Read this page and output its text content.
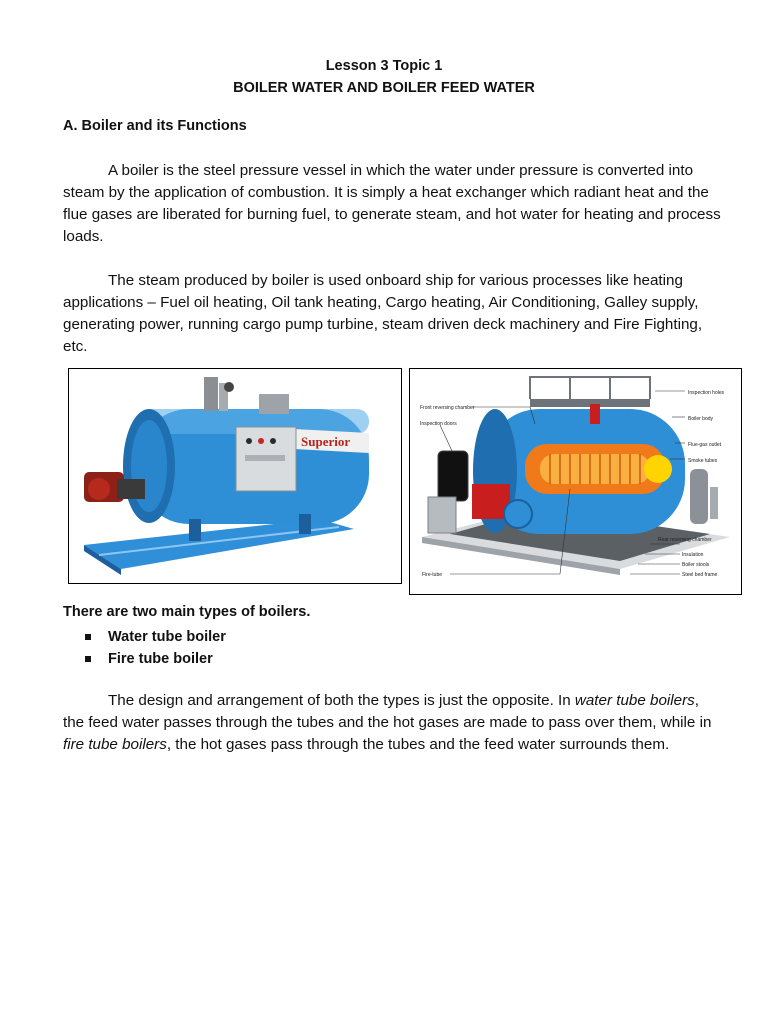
Lesson 3 Topic 1
BOILER WATER AND BOILER FEED WATER
A. Boiler and its Functions

A boiler is the steel pressure vessel in which the water under pressure is converted into steam by the application of combustion. It is simply a heat exchanger which radiant heat and the flue gases are liberated for burning fuel, to generate steam, and hot water for heating and process loads.

The steam produced by boiler is used onboard ship for various processes like heating applications – Fuel oil heating, Oil tank heating, Cargo heating, Air Conditioning, Galley supply, generating power, running cargo pump turbine, steam driven deck machinery and Fire Fighting, etc.

Superior
Front reversing chamber
Inspection doors
Inspection holes
Boiler body
Flue-gas outlet
Smoke tubes
Rear reversing chamber
Insulation
Boiler stools
Steel bed frame
Fire-tube
There are two main types of boilers.
Water tube boiler
Fire tube boiler

The design and arrangement of both the types is just the opposite. In water tube boilers, the feed water passes through the tubes and the hot gases are made to pass over them, while in fire tube boilers, the hot gases pass through the tubes and the feed water surrounds them.
